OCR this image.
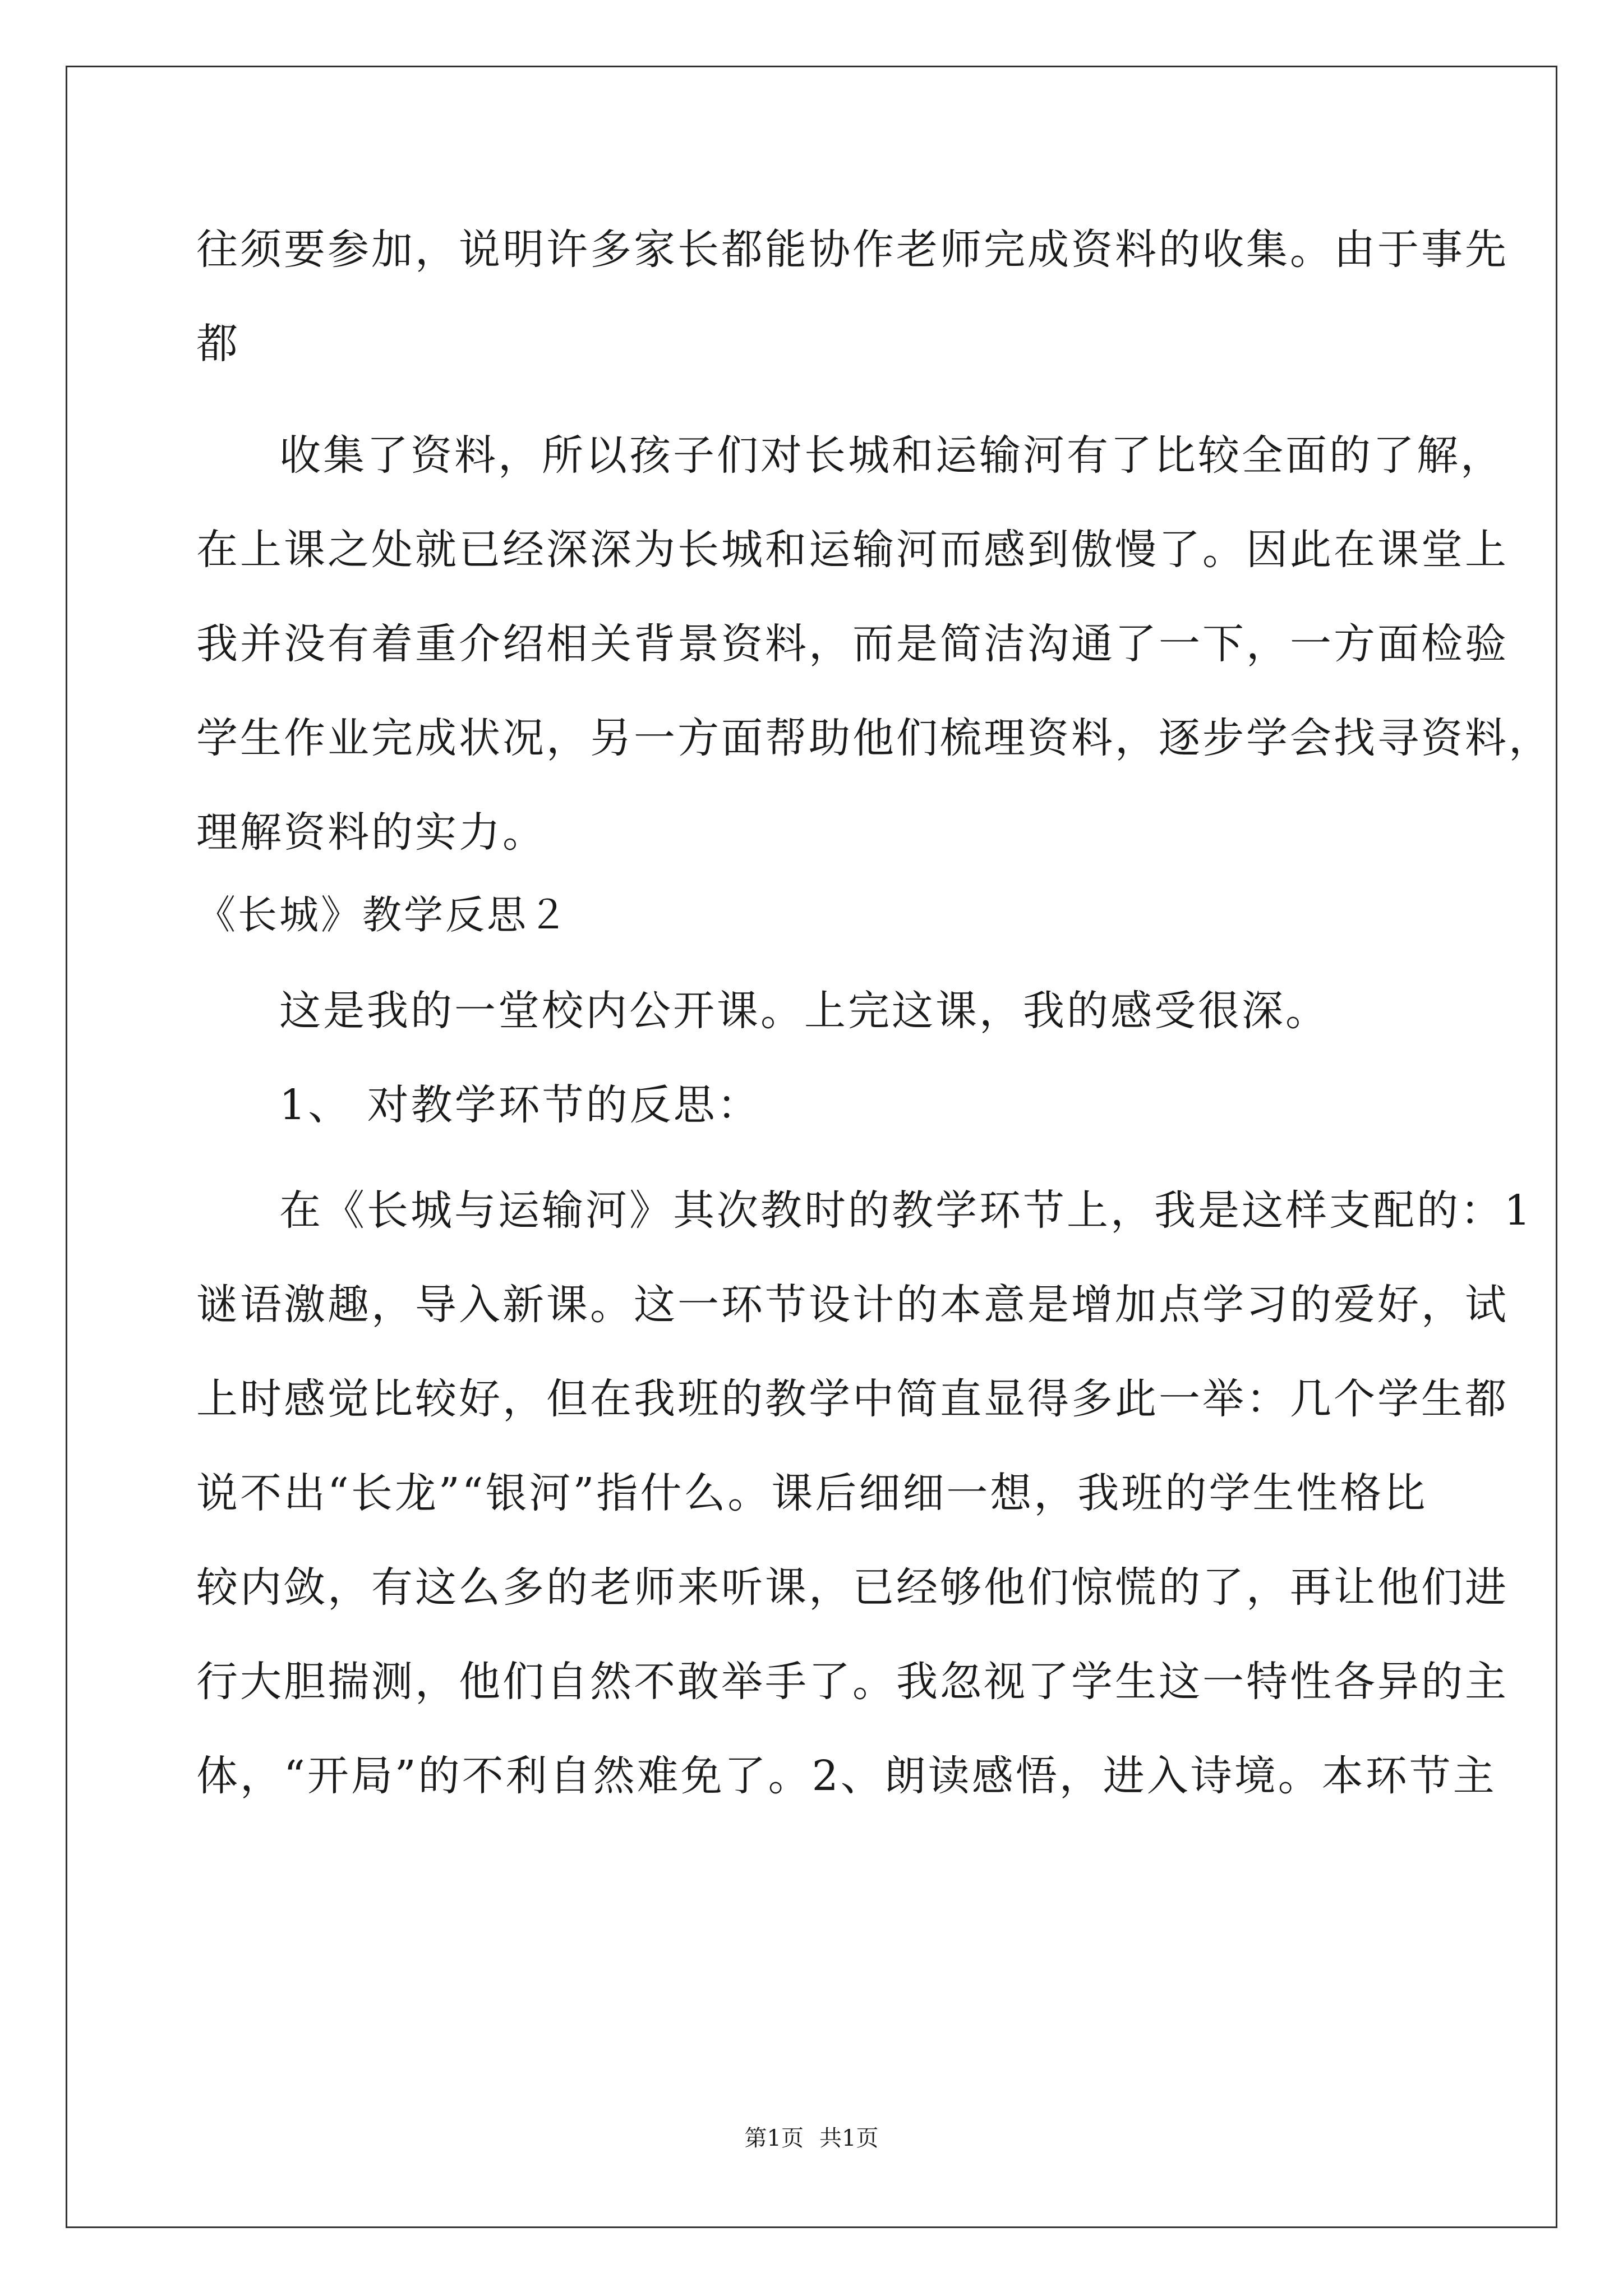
往须要参加，说明许多家长都能协作老师完成资料的收集。由于事先
都
收集了资料，所以孩子们对长城和运输河有了比较全面的了解，
在上课之处就已经深深为长城和运输河而感到傲慢了。因此在课堂上
我并没有着重介绍相关背景资料，而是简洁沟通了一下，一方面检验
学生作业完成状况，另一方面帮助他们梳理资料，逐步学会找寻资料，
理解资料的实力。
《长城》教学反思２
这是我的一堂校内公开课。上完这课，我的感受很深。
1、 对教学环节的反思：
在《长城与运输河》其次教时的教学环节上，我是这样支配的：1
谜语激趣，导入新课。这一环节设计的本意是增加点学习的爱好，试
上时感觉比较好，但在我班的教学中简直显得多此一举：几个学生都
说不出“长龙”“银河”指什么。课后细细一想，我班的学生性格比
较内敛，有这么多的老师来听课，已经够他们惊慌的了，再让他们进
行大胆揣测，他们自然不敢举手了。我忽视了学生这一特性各异的主
体，“开局”的不利自然难免了。2、朗读感悟，进入诗境。本环节主
第1页 共1页
